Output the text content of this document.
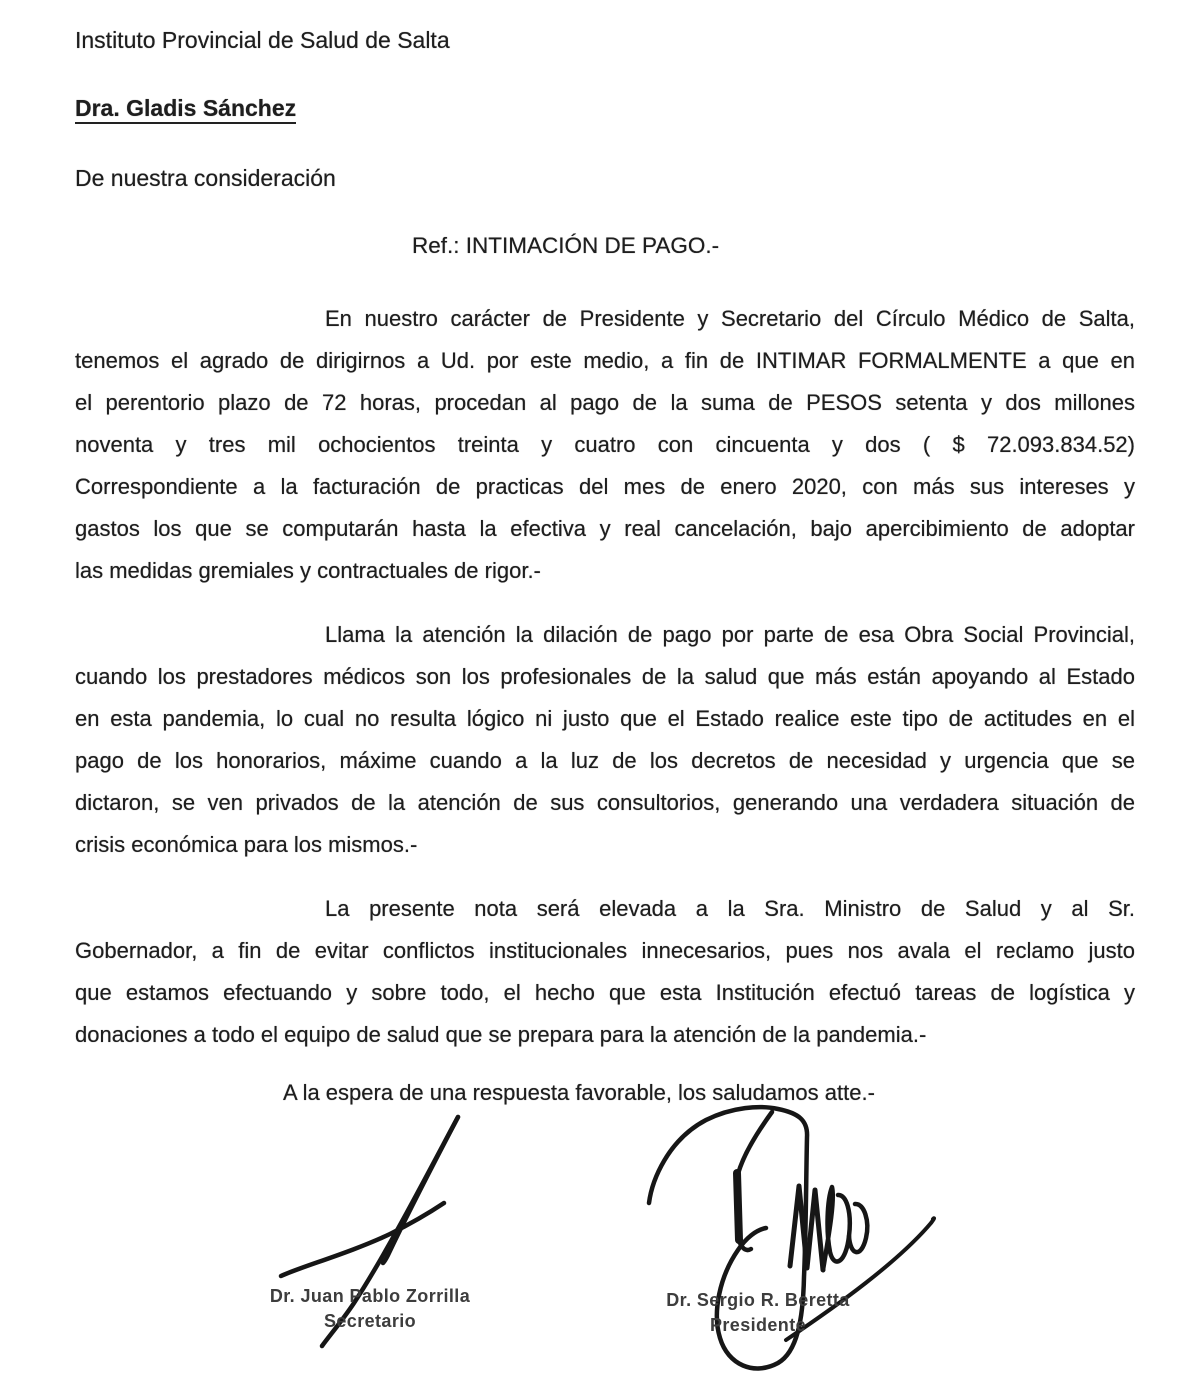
Instituto Provincial de Salud de Salta
Dra. Gladis Sánchez
De nuestra consideración
Ref.: INTIMACIÓN DE PAGO.-
En nuestro carácter de Presidente y Secretario del Círculo Médico de Salta,
tenemos el agrado de dirigirnos a Ud. por este medio, a fin de INTIMAR FORMALMENTE a que en
el perentorio plazo de 72 horas, procedan al pago de la suma de PESOS setenta y dos millones
noventa y tres mil ochocientos treinta y cuatro con cincuenta y dos ( $ 72.093.834.52)
Correspondiente a la facturación de practicas del mes de enero 2020, con más sus intereses y
gastos los que se computarán hasta la efectiva y real cancelación, bajo apercibimiento de adoptar
las medidas gremiales y contractuales de rigor.-
Llama la atención la dilación de pago por parte de esa Obra Social Provincial,
cuando los prestadores médicos son los profesionales de la salud que más están apoyando al Estado
en esta pandemia, lo cual no resulta lógico ni justo que el Estado realice este tipo de actitudes en el
pago de los honorarios, máxime cuando a la luz de los decretos de necesidad y urgencia que se
dictaron, se ven privados de la atención de sus consultorios, generando una verdadera situación de
crisis económica para los mismos.-
La presente nota será elevada a la Sra. Ministro de Salud y al Sr.
Gobernador, a fin de evitar conflictos institucionales innecesarios, pues nos avala el reclamo justo
que estamos efectuando y sobre todo, el hecho que esta Institución efectuó tareas de logística y
donaciones a todo el equipo de salud que se prepara para la atención de la pandemia.-
A la espera de una respuesta favorable, los saludamos atte.-
Dr. Juan Pablo Zorrilla
Secretario
Dr. Sergio R. Beretta
Presidente
